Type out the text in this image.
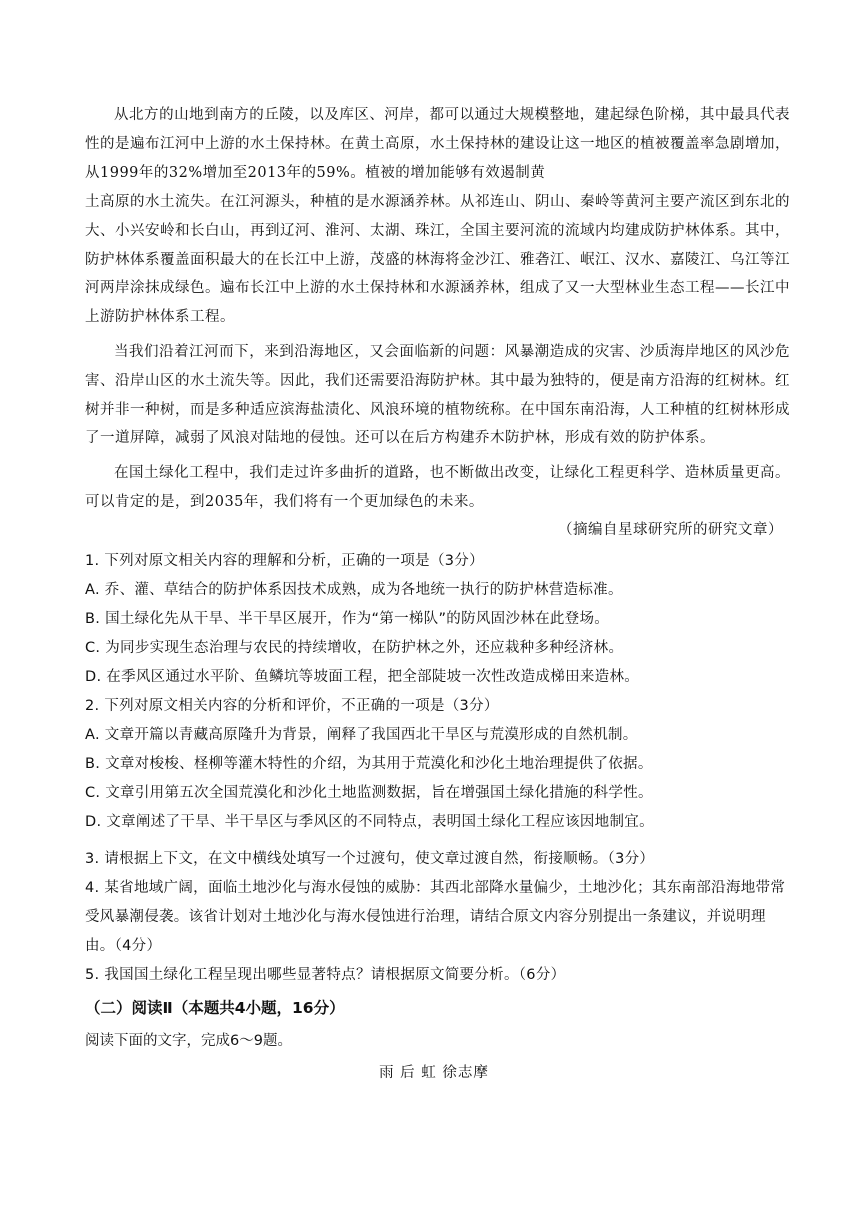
从北方的山地到南方的丘陵，以及库区、河岸，都可以通过大规模整地，建起绿色阶梯，其中最具代表性的是遍布江河中上游的水土保持林。在黄土高原，水土保持林的建设让这一地区的植被覆盖率急剧增加，从1999年的32%增加至2013年的59%。植被的增加能够有效遏制黄

土高原的水土流失。在江河源头，种植的是水源涵养林。从祁连山、阴山、秦岭等黄河主要产流区到东北的大、小兴安岭和长白山，再到辽河、淮河、太湖、珠江，全国主要河流的流域内均建成防护林体系。其中，防护林体系覆盖面积最大的在长江中上游，茂盛的林海将金沙江、雅砻江、岷江、汉水、嘉陵江、乌江等江河两岸涂抹成绿色。遍布长江中上游的水土保持林和水源涵养林，组成了又一大型林业生态工程——长江中上游防护林体系工程。

当我们沿着江河而下，来到沿海地区，又会面临新的问题：风暴潮造成的灾害、沙质海岸地区的风沙危害、沿岸山区的水土流失等。因此，我们还需要沿海防护林。其中最为独特的，便是南方沿海的红树林。红树并非一种树，而是多种适应滨海盐渍化、风浪环境的植物统称。在中国东南沿海，人工种植的红树林形成了一道屏障，减弱了风浪对陆地的侵蚀。还可以在后方构建乔木防护林，形成有效的防护体系。

在国土绿化工程中，我们走过许多曲折的道路，也不断做出改变，让绿化工程更科学、造林质量更高。可以肯定的是，到2035年，我们将有一个更加绿色的未来。

（摘编自星球研究所的研究文章）

1. 下列对原文相关内容的理解和分析，正确的一项是（3分）

A. 乔、灌、草结合的防护体系因技术成熟，成为各地统一执行的防护林营造标准。

B. 国土绿化先从干旱、半干旱区展开，作为“第一梯队”的防风固沙林在此登场。

C. 为同步实现生态治理与农民的持续增收，在防护林之外，还应栽种多种经济林。

D. 在季风区通过水平阶、鱼鳞坑等坡面工程，把全部陡坡一次性改造成梯田来造林。

2. 下列对原文相关内容的分析和评价，不正确的一项是（3分）

A. 文章开篇以青藏高原隆升为背景，阐释了我国西北干旱区与荒漠形成的自然机制。

B. 文章对梭梭、柽柳等灌木特性的介绍，为其用于荒漠化和沙化土地治理提供了依据。

C. 文章引用第五次全国荒漠化和沙化土地监测数据，旨在增强国土绿化措施的科学性。

D. 文章阐述了干旱、半干旱区与季风区的不同特点，表明国土绿化工程应该因地制宜。

3. 请根据上下文，在文中横线处填写一个过渡句，使文章过渡自然，衔接顺畅。（3分）

4. 某省地域广阔，面临土地沙化与海水侵蚀的威胁：其西北部降水量偏少，土地沙化；其东南部沿海地带常受风暴潮侵袭。该省计划对土地沙化与海水侵蚀进行治理，请结合原文内容分别提出一条建议，并说明理由。（4分）

5. 我国国土绿化工程呈现出哪些显著特点？请根据原文简要分析。（6分）

（二）阅读Ⅱ（本题共4小题，16分）

阅读下面的文字，完成6～9题。

雨 后 虹 徐志摩
